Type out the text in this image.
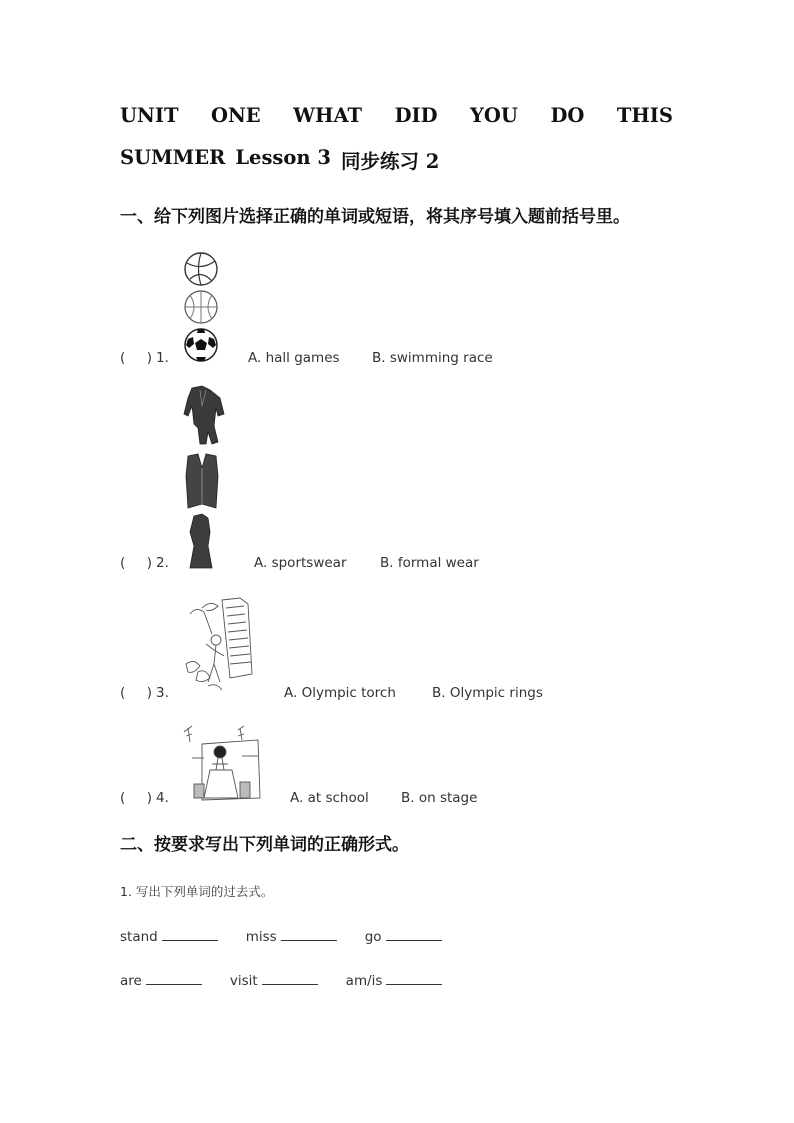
UNIT ONE WHAT DID YOU DO THIS
SUMMER Lesson 3 同步练习 2
一、给下列图片选择正确的单词或短语，将其序号填入题前括号里。
( ) 1.	A. hall games B. swimming race
( ) 2.	A. sportswear B. formal wear
( ) 3.	A. Olympic torch	B. Olympic rings
( ) 4.	A. at school B. on stage
二、按要求写出下列单词的正确形式。
1. 写出下列单词的过去式。
stand	miss	go
are	visit	am/is
